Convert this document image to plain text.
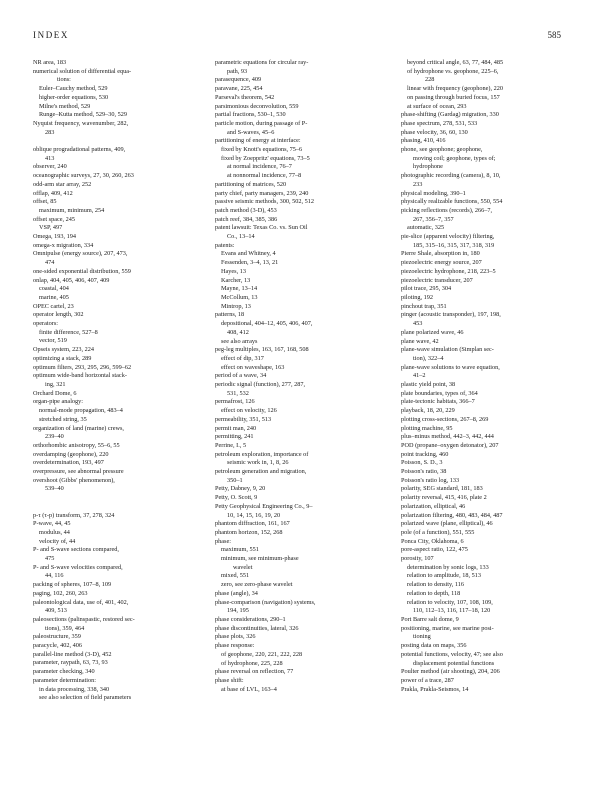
INDEX	585
NR area, 183
numerical solution of differential equa-
tions:
Euler–Cauchy method, 529
higher-order equations, 530
Milne's method, 529
Runge–Kutta method, 529–30, 529
Nyquist frequency, wavenumber, 282,
283
oblique progradational patterns, 409,
413
observer, 240
oceanographic surveys, 27, 30, 260, 263
odd-arm star array, 252
offlap, 409, 412
offset, 85
maximum, minimum, 254
offset space, 245
VSP, 497
Omega, 193, 194
omega-x migration, 334
Omnipulse (energy source), 207, 473,
474
one-sided exponential distribution, 559
onlap, 404, 405, 406, 407, 409
coastal, 404
marine, 405
OPEC cartel, 23
operator length, 302
operators:
finite difference, 527–8
vector, 519
Opseis system, 223, 224
optimizing a stack, 289
optimum filters, 293, 295, 296, 599–62
optimum wide-band horizontal stack-
ing, 321
Orchard Dome, 6
organ-pipe analogy:
normal-mode propagation, 483–4
stretched string, 35
organization of land (marine) crews,
239–40
orthorhombic anisotropy, 55–6, 55
overdamping (geophone), 220
overdetermination, 193, 497
overpressure, see abnormal pressure
overshoot (Gibbs' phenomenon),
539–40
p-τ (τ-p) transform, 37, 278, 324
P-wave, 44, 45
modulus, 44
velocity of, 44
P- and S-wave sections compared,
475
P- and S-wave velocities compared,
44, 116
packing of spheres, 107–8, 109
paging, 102, 260, 263
paleontological data, use of, 401, 402,
409, 513
paleosections (palinspastic, restored sec-
tions), 359, 464
paleostructure, 359
paracycle, 402, 406
parallel-line method (3-D), 452
parameter, raypath, 63, 73, 93
parameter checking, 340
parameter determination:
in data processing, 338, 340
see also selection of field parameters
parametric equations for circular ray-
path, 93
parasequence, 409
paravane, 225, 454
Parseval's theorem, 542
parsimonious deconvolution, 559
partial fractions, 530–1, 530
particle motion, during passage of P-
and S-waves, 45–6
partitioning of energy at interface:
fixed by Knott's equations, 75–6
fixed by Zoeppritz' equations, 73–5
at normal incidence, 76–7
at nonnormal incidence, 77–8
partitioning of matrices, 520
party chief, party managers, 239, 240
passive seismic methods, 300, 502, 512
patch method (3-D), 453
patch reef, 384, 385, 386
patent lawsuit: Texas Co. vs. Sun Oil
Co., 13–14
patents:
Evans and Whitney, 4
Fessenden, 3–4, 13, 21
Hayes, 13
Karcher, 13
Mayne, 13–14
McCollum, 13
Mintrop, 13
patterns, 18
depositional, 404–12, 405, 406, 407,
408, 412
see also arrays
peg-leg multiples, 163, 167, 168, 508
effect of dip, 317
effect on waveshape, 163
period of a wave, 34
periodic signal (function), 277, 287,
531, 532
permafrost, 126
effect on velocity, 126
permeability, 351, 513
permit man, 240
permitting, 241
Perrine, I., 5
petroleum exploration, importance of
seismic work in, 1, 8, 26
petroleum generation and migration,
350–1
Petty, Dabney, 9, 20
Petty, O. Scott, 9
Petty Geophysical Engineering Co., 9–
10, 14, 15, 16, 19, 20
phantom diffraction, 161, 167
phantom horizon, 152, 268
phase:
maximum, 551
minimum, see minimum-phase
wavelet
mixed, 551
zero, see zero-phase wavelet
phase (angle), 34
phase-comparison (navigation) systems,
194, 195
phase considerations, 290–1
phase discontinuities, lateral, 326
phase plots, 326
phase response:
of geophone, 220, 221, 222, 228
of hydrophone, 225, 228
phase reversal on reflection, 77
phase shift:
at base of LVL, 163–4
beyond critical angle, 63, 77, 484, 485
of hydrophone vs. geophone, 225–6,
228
linear with frequency (geophone), 220
on passing through buried focus, 157
at surface of ocean, 293
phase-shifting (Gardag) migration, 330
phase spectrum, 278, 531, 533
phase velocity, 36, 60, 130
phasing, 410, 416
phone, see geophone; geophone,
moving coil; geophone, types of;
hydrophone
photographic recording (camera), 8, 10,
233
physical modeling, 390–1
physically realizable functions, 550, 554
picking reflections (records), 266–7,
267, 356–7, 357
automatic, 325
pie-slice (apparent velocity) filtering,
185, 315–16, 315, 317, 318, 319
Pierre Shale, absorption in, 180
piezoelectric energy source, 207
piezoelectric hydrophone, 218, 223–5
piezoelectric transducer, 207
pilot trace, 295, 304
piloting, 192
pinchout trap, 351
pinger (acoustic transponder), 197, 198,
453
plane polarized wave, 46
plane wave, 42
plane-wave simulation (Simplan sec-
tion), 322–4
plane-wave solutions to wave equation,
41–2
plastic yield point, 38
plate boundaries, types of, 364
plate-tectonic habitats, 366–7
playback, 18, 20, 229
plotting cross-sections, 267–8, 269
plotting machine, 95
plus–minus method, 442–3, 442, 444
POD (propane–oxygen detonator), 207
point tracking, 460
Poisson, S. D., 3
Poisson's ratio, 38
Poisson's ratio log, 133
polarity, SEG standard, 181, 183
polarity reversal, 415, 416, plate 2
polarization, elliptical, 46
polarization filtering, 480, 483, 484, 487
polarized wave (plane, elliptical), 46
pole (of a function), 551, 555
Ponca City, Oklahoma, 6
pore-aspect ratio, 122, 475
porosity, 107
determination by sonic logs, 133
relation to amplitude, 18, 513
relation to density, 116
relation to depth, 118
relation to velocity, 107, 108, 109,
110, 112–13, 116, 117–18, 120
Port Barre salt dome, 9
positioning, marine, see marine posi-
tioning
posting data on maps, 356
potential functions, velocity, 47; see also
displacement potential functions
Poulter method (air shooting), 204, 206
power of a trace, 287
Prakla, Prakla-Seismos, 14
